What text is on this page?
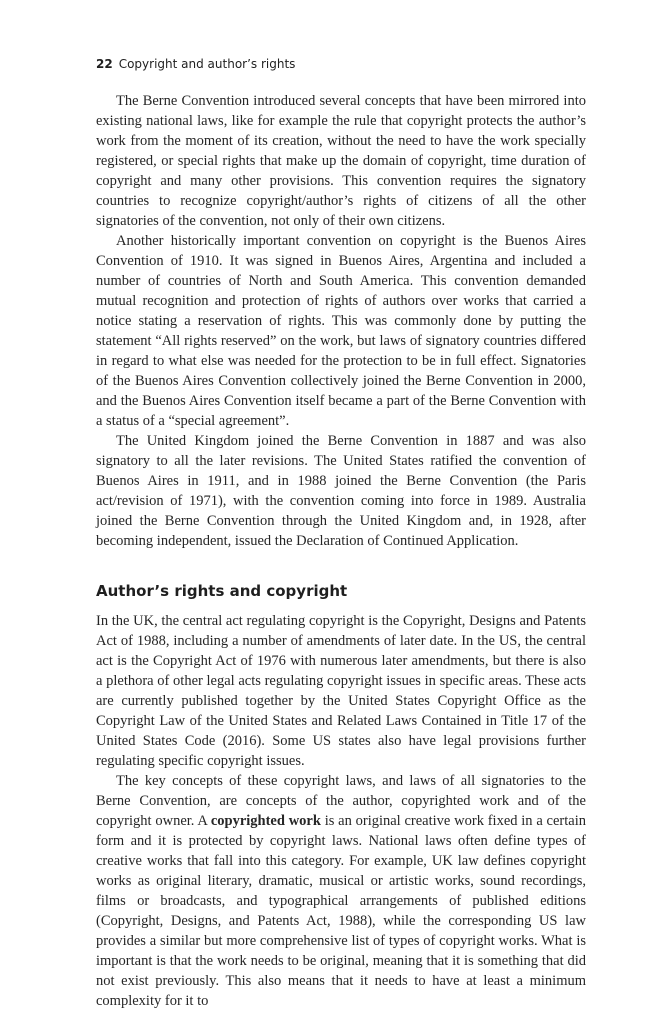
22 Copyright and author’s rights

The Berne Convention introduced several concepts that have been mirrored into existing national laws, like for example the rule that copyright protects the author’s work from the moment of its creation, without the need to have the work specially registered, or special rights that make up the domain of copyright, time duration of copyright and many other provisions. This convention requires the signatory countries to recognize copyright/author’s rights of citizens of all the other signatories of the convention, not only of their own citizens.

Another historically important convention on copyright is the Buenos Aires Convention of 1910. It was signed in Buenos Aires, Argentina and included a number of countries of North and South America. This convention demanded mutual recognition and protection of rights of authors over works that carried a notice stating a reservation of rights. This was commonly done by putting the statement “All rights reserved” on the work, but laws of signatory countries differed in regard to what else was needed for the protection to be in full effect. Signatories of the Buenos Aires Convention collectively joined the Berne Convention in 2000, and the Buenos Aires Convention itself became a part of the Berne Convention with a status of a “special agreement”.

The United Kingdom joined the Berne Convention in 1887 and was also signatory to all the later revisions. The United States ratified the convention of Buenos Aires in 1911, and in 1988 joined the Berne Convention (the Paris act/revision of 1971), with the convention coming into force in 1989. Australia joined the Berne Convention through the United Kingdom and, in 1928, after becoming independent, issued the Declaration of Continued Application.

Author’s rights and copyright

In the UK, the central act regulating copyright is the Copyright, Designs and Patents Act of 1988, including a number of amendments of later date. In the US, the central act is the Copyright Act of 1976 with numerous later amendments, but there is also a plethora of other legal acts regulating copyright issues in specific areas. These acts are currently published together by the United States Copyright Office as the Copyright Law of the United States and Related Laws Contained in Title 17 of the United States Code (2016). Some US states also have legal provisions further regulating specific copyright issues.

The key concepts of these copyright laws, and laws of all signatories to the Berne Convention, are concepts of the author, copyrighted work and of the copyright owner. A copyrighted work is an original creative work fixed in a certain form and it is protected by copyright laws. National laws often define types of creative works that fall into this category. For example, UK law defines copyright works as original literary, dramatic, musical or artistic works, sound recordings, films or broadcasts, and typographical arrangements of published editions (Copyright, Designs, and Patents Act, 1988), while the corresponding US law provides a similar but more comprehensive list of types of copyright works. What is important is that the work needs to be original, meaning that it is something that did not exist previously. This also means that it needs to have at least a minimum complexity for it to
